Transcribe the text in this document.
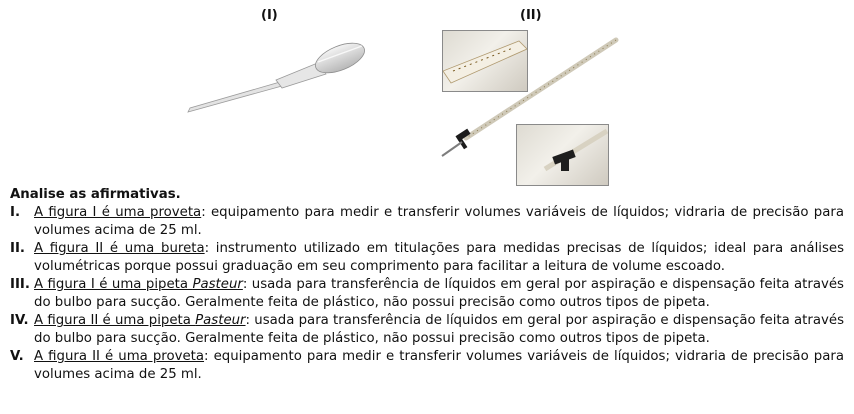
(I)	(II)
Analise as afirmativas.
I.	A figura I é uma proveta: equipamento para medir e transferir volumes variáveis de líquidos; vidraria de precisão para volumes acima de 25 ml.
II. A figura II é uma bureta: instrumento utilizado em titulações para medidas precisas de líquidos; ideal para análises volumétricas porque possui graduação em seu comprimento para facilitar a leitura de volume escoado.
III. A figura I é uma pipeta Pasteur: usada para transferência de líquidos em geral por aspiração e dispensação feita através do bulbo para sucção. Geralmente feita de plástico, não possui precisão como outros tipos de pipeta.
IV. A figura II é uma pipeta Pasteur: usada para transferência de líquidos em geral por aspiração e dispensação feita através do bulbo para sucção. Geralmente feita de plástico, não possui precisão como outros tipos de pipeta.
V. A figura II é uma proveta: equipamento para medir e transferir volumes variáveis de líquidos; vidraria de precisão para volumes acima de 25 ml.
